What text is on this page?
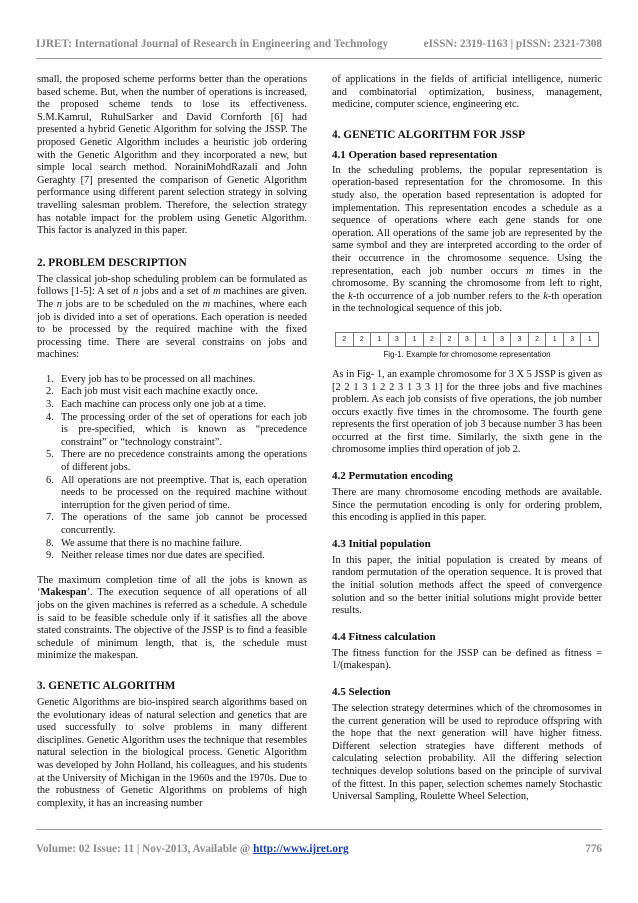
IJRET: International Journal of Research in Engineering and Technology	eISSN: 2319-1163 | pISSN: 2321-7308

small, the proposed scheme performs better than the operations based scheme. But, when the number of operations is increased, the proposed scheme tends to lose its effectiveness. S.M.Kamrul, RuhulSarker and David Cornforth [6] had presented a hybrid Genetic Algorithm for solving the JSSP. The proposed Genetic Algorithm includes a heuristic job ordering with the Genetic Algorithm and they incorporated a new, but simple local search method. NorainiMohdRazali and John Geraghty [7] presented the comparison of Genetic Algorithm performance using different parent selection strategy in solving travelling salesman problem. Therefore, the selection strategy has notable impact for the problem using Genetic Algorithm. This factor is analyzed in this paper.

2. PROBLEM DESCRIPTION

The classical job-shop scheduling problem can be formulated as follows [1-5]: A set of n jobs and a set of m machines are given. The n jobs are to be scheduled on the m machines, where each job is divided into a set of operations. Each operation is needed to be processed by the required machine with the fixed processing time. There are several constrains on jobs and machines:

1. Every job has to be processed on all machines.
2. Each job must visit each machine exactly once.
3. Each machine can process only one job at a time.
4. The processing order of the set of operations for each job is pre-specified, which is known as “precedence constraint” or “technology constraint”.
5. There are no precedence constraints among the operations of different jobs.
6. All operations are not preemptive. That is, each operation needs to be processed on the required machine without interruption for the given period of time.
7. The operations of the same job cannot be processed concurrently.
8. We assume that there is no machine failure.
9. Neither release times nor due dates are specified.

The maximum completion time of all the jobs is known as ‘Makespan’. The execution sequence of all operations of all jobs on the given machines is referred as a schedule. A schedule is said to be feasible schedule only if it satisfies all the above stated constraints. The objective of the JSSP is to find a feasible schedule of minimum length, that is, the schedule must minimize the makespan.

3. GENETIC ALGORITHM

Genetic Algorithms are bio-inspired search algorithms based on the evolutionary ideas of natural selection and genetics that are used successfully to solve problems in many different disciplines. Genetic Algorithm uses the technique that resembles natural selection in the biological process. Genetic Algorithm was developed by John Holland, his colleagues, and his students at the University of Michigan in the 1960s and the 1970s. Due to the robustness of Genetic Algorithms on problems of high complexity, it has an increasing number

of applications in the fields of artificial intelligence, numeric and combinatorial optimization, business, management, medicine, computer science, engineering etc.

4. GENETIC ALGORITHM FOR JSSP
4.1 Operation based representation

In the scheduling problems, the popular representation is operation-based representation for the chromosome. In this study also, the operation based representation is adopted for implementation. This representation encodes a schedule as a sequence of operations where each gene stands for one operation. All operations of the same job are represented by the same symbol and they are interpreted according to the order of their occurrence in the chromosome sequence. Using the representation, each job number occurs m times in the chromosome. By scanning the chromosome from left to right, the k-th occurrence of a job number refers to the k-th operation in the technological sequence of this job.

2	2	1	3	1	2	2	3	1	3	3	2	1	3	1
Fig-1. Example for chromosome representation

As in Fig- 1, an example chromosome for 3 X 5 JSSP is given as [2 2 1 3 1 2 2 3 1 3 3 1] for the three jobs and five machines problem. As each job consists of five operations, the job number occurs exactly five times in the chromosome. The fourth gene represents the first operation of job 3 because number 3 has been occurred at the first time. Similarly, the sixth gene in the chromosome implies third operation of job 2.

4.2 Permutation encoding

There are many chromosome encoding methods are available. Since the permutation encoding is only for ordering problem, this encoding is applied in this paper.

4.3 Initial population

In this paper, the initial population is created by means of random permutation of the operation sequence. It is proved that the initial solution methods affect the speed of convergence solution and so the better initial solutions might provide better results.

4.4 Fitness calculation

The fitness function for the JSSP can be defined as fitness = 1/(makespan).

4.5 Selection

The selection strategy determines which of the chromosomes in the current generation will be used to reproduce offspring with the hope that the next generation will have higher fitness. Different selection strategies have different methods of calculating selection probability. All the differing selection techniques develop solutions based on the principle of survival of the fittest. In this paper, selection schemes namely Stochastic Universal Sampling, Roulette Wheel Selection,

Volume: 02 Issue: 11 | Nov-2013, Available @ http://www.ijret.org	776
